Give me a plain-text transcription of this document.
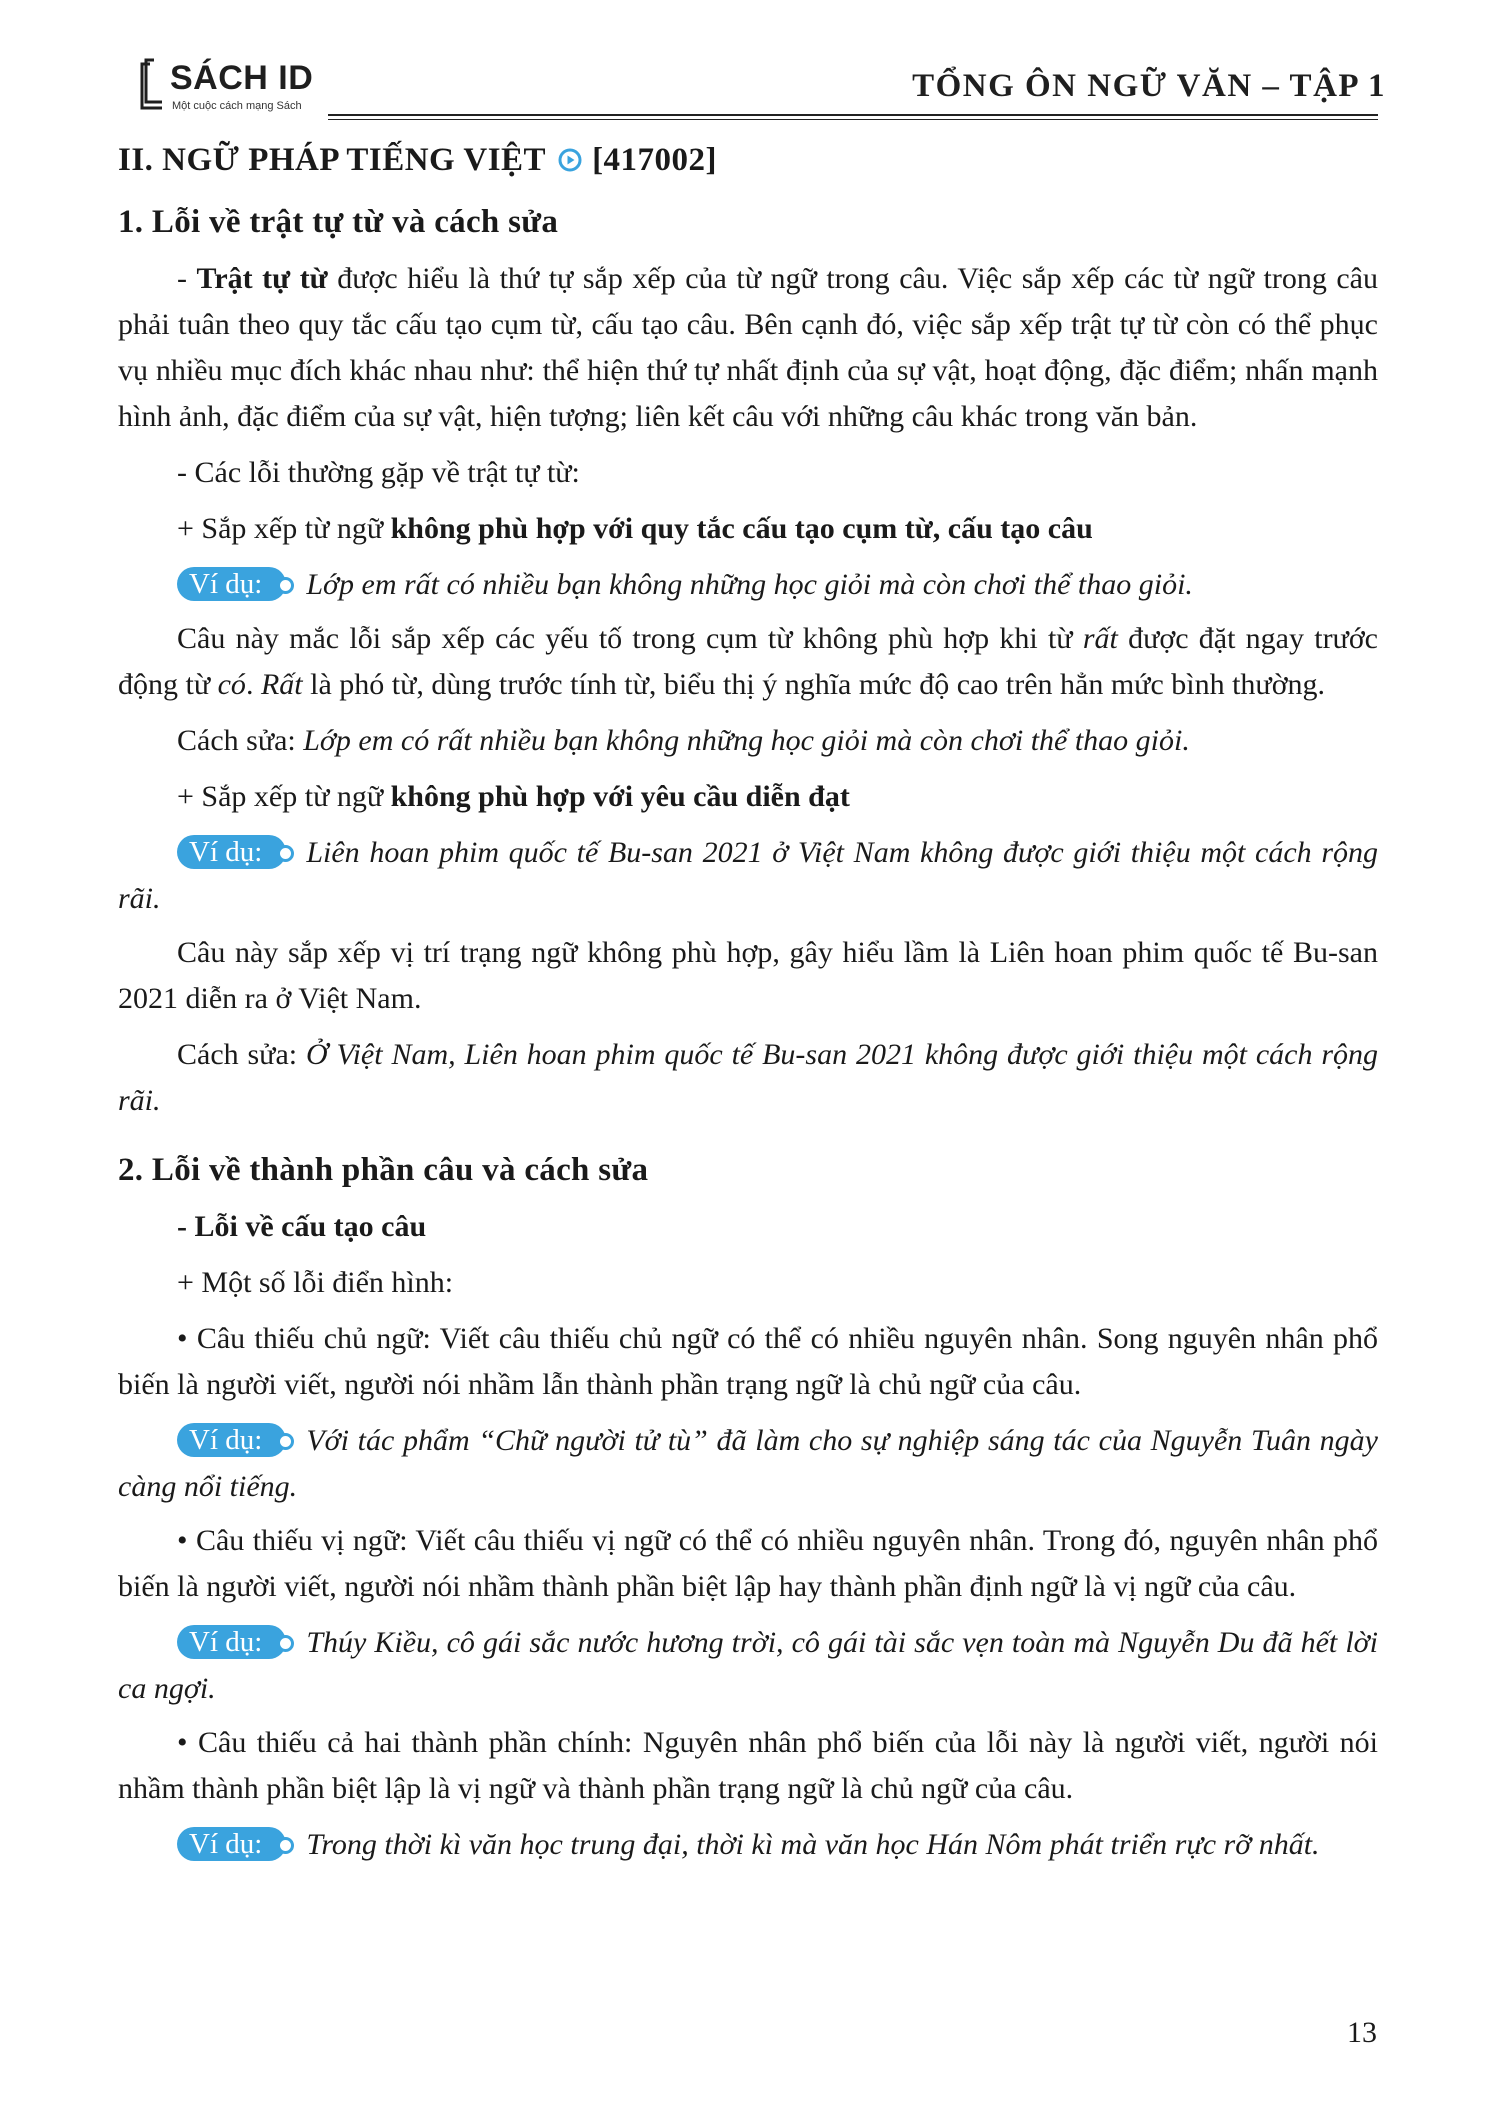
SÁCH ID
Một cuộc cách mạng Sách
TỔNG ÔN NGỮ VĂN – TẬP 1
II. NGỮ PHÁP TIẾNG VIỆT [417002]
1. Lỗi về trật tự từ và cách sửa

- Trật tự từ được hiểu là thứ tự sắp xếp của từ ngữ trong câu. Việc sắp xếp các từ ngữ trong câu phải tuân theo quy tắc cấu tạo cụm từ, cấu tạo câu. Bên cạnh đó, việc sắp xếp trật tự từ còn có thể phục vụ nhiều mục đích khác nhau như: thể hiện thứ tự nhất định của sự vật, hoạt động, đặc điểm; nhấn mạnh hình ảnh, đặc điểm của sự vật, hiện tượng; liên kết câu với những câu khác trong văn bản.

- Các lỗi thường gặp về trật tự từ:

+ Sắp xếp từ ngữ không phù hợp với quy tắc cấu tạo cụm từ, cấu tạo câu

Ví dụ: Lớp em rất có nhiều bạn không những học giỏi mà còn chơi thể thao giỏi.

Câu này mắc lỗi sắp xếp các yếu tố trong cụm từ không phù hợp khi từ rất được đặt ngay trước động từ có. Rất là phó từ, dùng trước tính từ, biểu thị ý nghĩa mức độ cao trên hẳn mức bình thường.

Cách sửa: Lớp em có rất nhiều bạn không những học giỏi mà còn chơi thể thao giỏi.

+ Sắp xếp từ ngữ không phù hợp với yêu cầu diễn đạt

Ví dụ: Liên hoan phim quốc tế Bu-san 2021 ở Việt Nam không được giới thiệu một cách rộng rãi.

Câu này sắp xếp vị trí trạng ngữ không phù hợp, gây hiểu lầm là Liên hoan phim quốc tế Bu-san 2021 diễn ra ở Việt Nam.

Cách sửa: Ở Việt Nam, Liên hoan phim quốc tế Bu-san 2021 không được giới thiệu một cách rộng rãi.

2. Lỗi về thành phần câu và cách sửa

- Lỗi về cấu tạo câu

+ Một số lỗi điển hình:

• Câu thiếu chủ ngữ: Viết câu thiếu chủ ngữ có thể có nhiều nguyên nhân. Song nguyên nhân phổ biến là người viết, người nói nhầm lẫn thành phần trạng ngữ là chủ ngữ của câu.

Ví dụ: Với tác phẩm “Chữ người tử tù” đã làm cho sự nghiệp sáng tác của Nguyễn Tuân ngày càng nổi tiếng.

• Câu thiếu vị ngữ: Viết câu thiếu vị ngữ có thể có nhiều nguyên nhân. Trong đó, nguyên nhân phổ biến là người viết, người nói nhầm thành phần biệt lập hay thành phần định ngữ là vị ngữ của câu.

Ví dụ: Thúy Kiều, cô gái sắc nước hương trời, cô gái tài sắc vẹn toàn mà Nguyễn Du đã hết lời ca ngợi.

• Câu thiếu cả hai thành phần chính: Nguyên nhân phổ biến của lỗi này là người viết, người nói nhầm thành phần biệt lập là vị ngữ và thành phần trạng ngữ là chủ ngữ của câu.

Ví dụ: Trong thời kì văn học trung đại, thời kì mà văn học Hán Nôm phát triển rực rỡ nhất.

13
